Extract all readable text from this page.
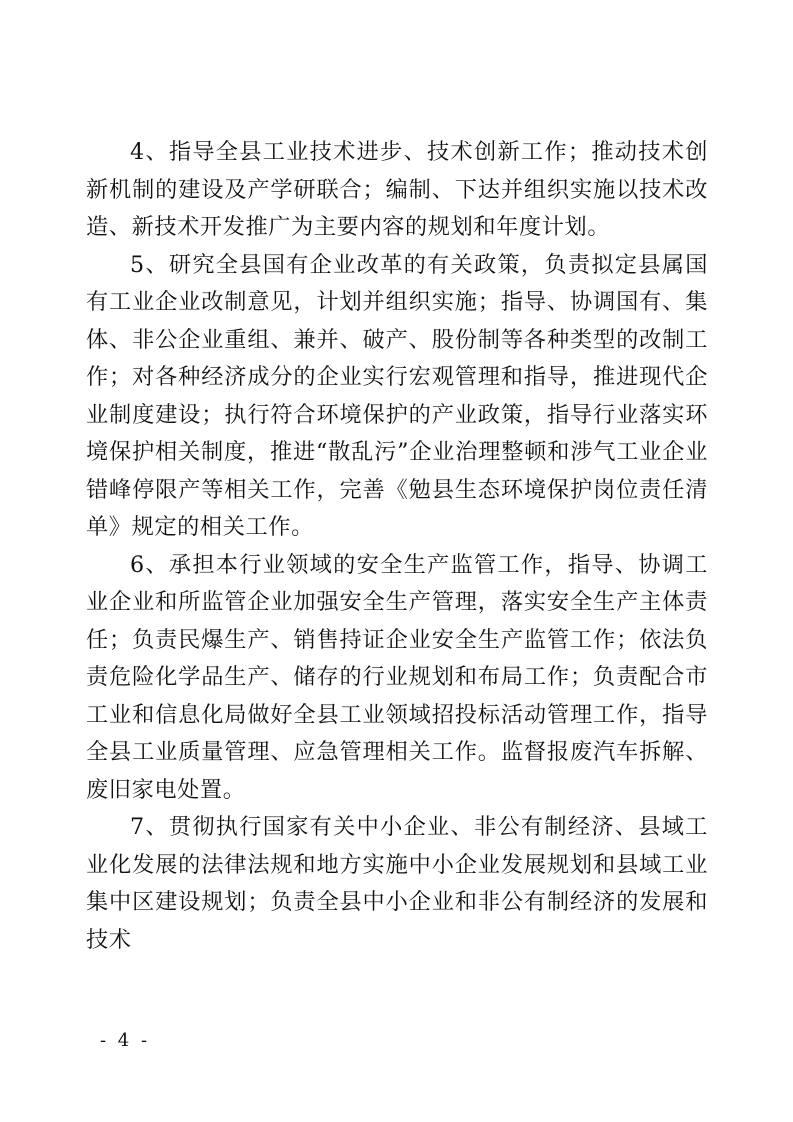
4、指导全县工业技术进步、技术创新工作；推动技术创新机制的建设及产学研联合；编制、下达并组织实施以技术改造、新技术开发推广为主要内容的规划和年度计划。

5、研究全县国有企业改革的有关政策，负责拟定县属国有工业企业改制意见，计划并组织实施；指导、协调国有、集体、非公企业重组、兼并、破产、股份制等各种类型的改制工作；对各种经济成分的企业实行宏观管理和指导，推进现代企业制度建设；执行符合环境保护的产业政策，指导行业落实环境保护相关制度，推进“散乱污”企业治理整顿和涉气工业企业错峰停限产等相关工作，完善《勉县生态环境保护岗位责任清单》规定的相关工作。

6、承担本行业领域的安全生产监管工作，指导、协调工业企业和所监管企业加强安全生产管理，落实安全生产主体责任；负责民爆生产、销售持证企业安全生产监管工作；依法负责危险化学品生产、储存的行业规划和布局工作；负责配合市工业和信息化局做好全县工业领域招投标活动管理工作，指导全县工业质量管理、应急管理相关工作。监督报废汽车拆解、废旧家电处置。

7、贯彻执行国家有关中小企业、非公有制经济、县域工业化发展的法律法规和地方实施中小企业发展规划和县域工业集中区建设规划；负责全县中小企业和非公有制经济的发展和技术

- 4 -
